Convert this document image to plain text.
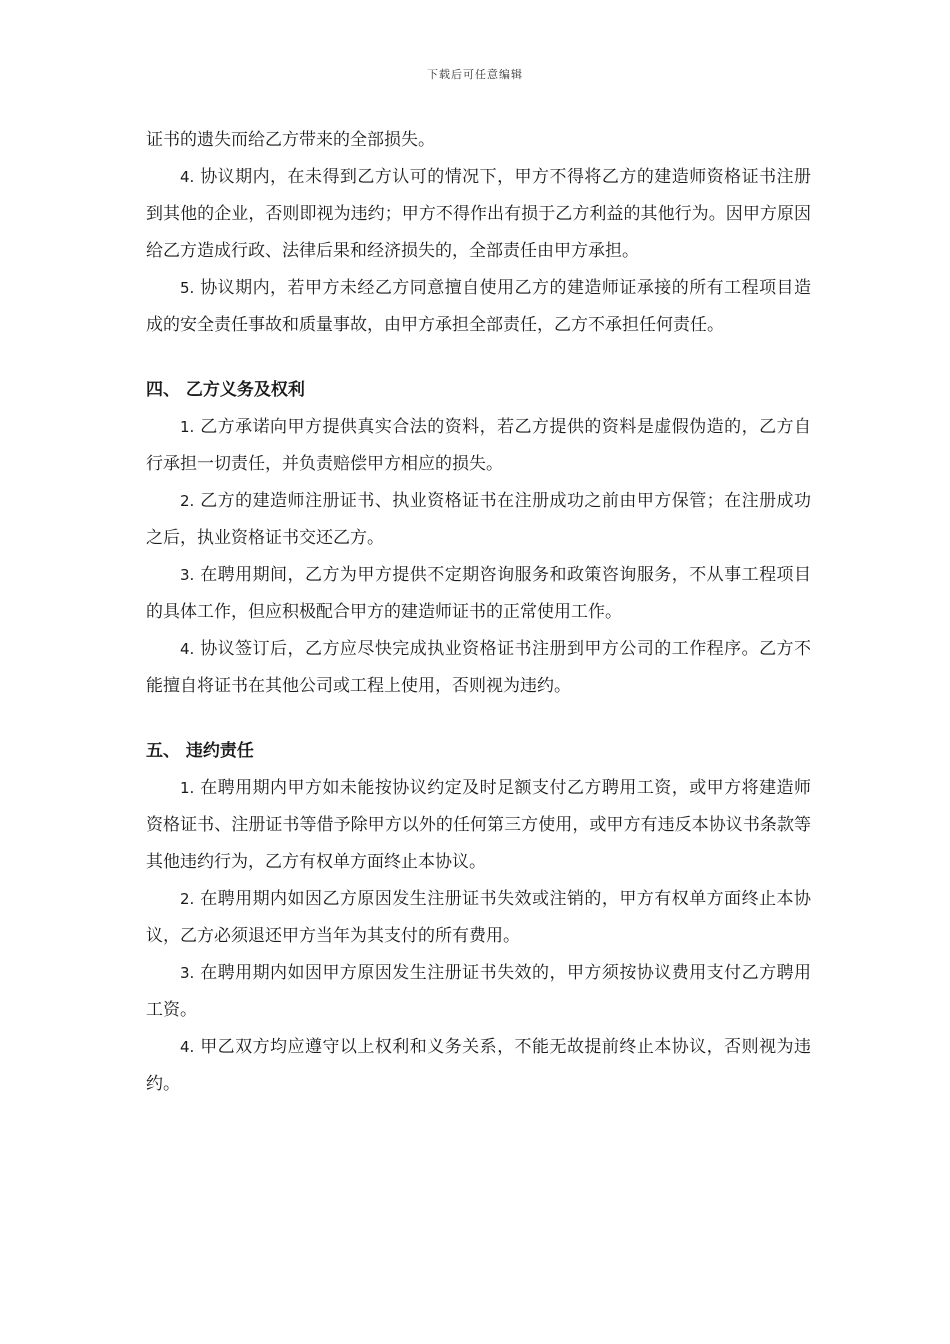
下载后可任意编辑

证书的遗失而给乙方带来的全部损失。

4. 协议期内，在未得到乙方认可的情况下，甲方不得将乙方的建造师资格证书注册到其他的企业，否则即视为违约；甲方不得作出有损于乙方利益的其他行为。因甲方原因给乙方造成行政、法律后果和经济损失的，全部责任由甲方承担。

5. 协议期内，若甲方未经乙方同意擅自使用乙方的建造师证承接的所有工程项目造成的安全责任事故和质量事故，由甲方承担全部责任，乙方不承担任何责任。

四、 乙方义务及权利

1. 乙方承诺向甲方提供真实合法的资料，若乙方提供的资料是虚假伪造的，乙方自行承担一切责任，并负责赔偿甲方相应的损失。

2. 乙方的建造师注册证书、执业资格证书在注册成功之前由甲方保管；在注册成功之后，执业资格证书交还乙方。

3. 在聘用期间，乙方为甲方提供不定期咨询服务和政策咨询服务，不从事工程项目的具体工作，但应积极配合甲方的建造师证书的正常使用工作。

4. 协议签订后，乙方应尽快完成执业资格证书注册到甲方公司的工作程序。乙方不能擅自将证书在其他公司或工程上使用，否则视为违约。

五、 违约责任

1. 在聘用期内甲方如未能按协议约定及时足额支付乙方聘用工资，或甲方将建造师资格证书、注册证书等借予除甲方以外的任何第三方使用，或甲方有违反本协议书条款等其他违约行为，乙方有权单方面终止本协议。

2. 在聘用期内如因乙方原因发生注册证书失效或注销的，甲方有权单方面终止本协议，乙方必须退还甲方当年为其支付的所有费用。

3. 在聘用期内如因甲方原因发生注册证书失效的，甲方须按协议费用支付乙方聘用工资。

4. 甲乙双方均应遵守以上权利和义务关系，不能无故提前终止本协议，否则视为违约。
